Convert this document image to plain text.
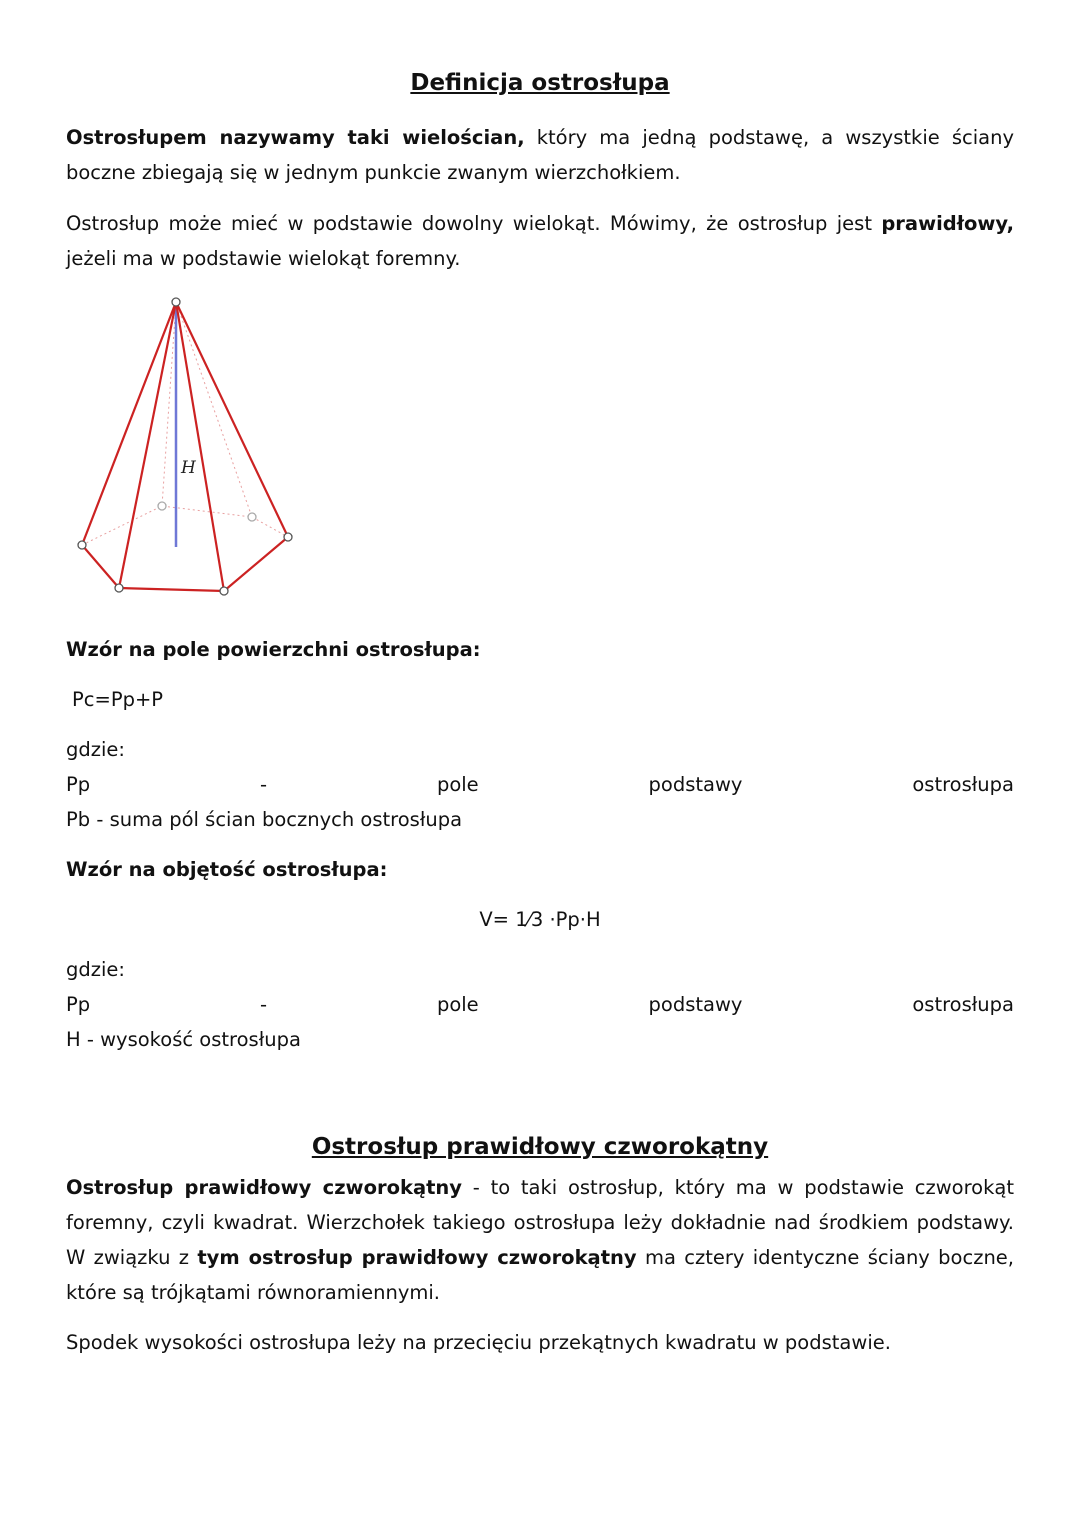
Definicja ostrosłupa

Ostrosłupem nazywamy taki wielościan, który ma jedną podstawę, a wszystkie ściany boczne zbiegają się w jednym punkcie zwanym wierzchołkiem.

Ostrosłup może mieć w podstawie dowolny wielokąt. Mówimy, że ostrosłup jest prawidłowy, jeżeli ma w podstawie wielokąt foremny.

H

Wzór na pole powierzchni ostrosłupa:

Pc=Pp+P

gdzie:

Pp - pole podstawy ostrosłupa

Pb - suma pól ścian bocznych ostrosłupa

Wzór na objętość ostrosłupa:

V= 1⁄3 ·Pp·H

gdzie:

Pp - pole podstawy ostrosłupa

H - wysokość ostrosłupa

Ostrosłup prawidłowy czworokątny

Ostrosłup prawidłowy czworokątny - to taki ostrosłup, który ma w podstawie czworokąt foremny, czyli kwadrat. Wierzchołek takiego ostrosłupa leży dokładnie nad środkiem podstawy. W związku z tym ostrosłup prawidłowy czworokątny ma cztery identyczne ściany boczne, które są trójkątami równoramiennymi.

Spodek wysokości ostrosłupa leży na przecięciu przekątnych kwadratu w podstawie.
